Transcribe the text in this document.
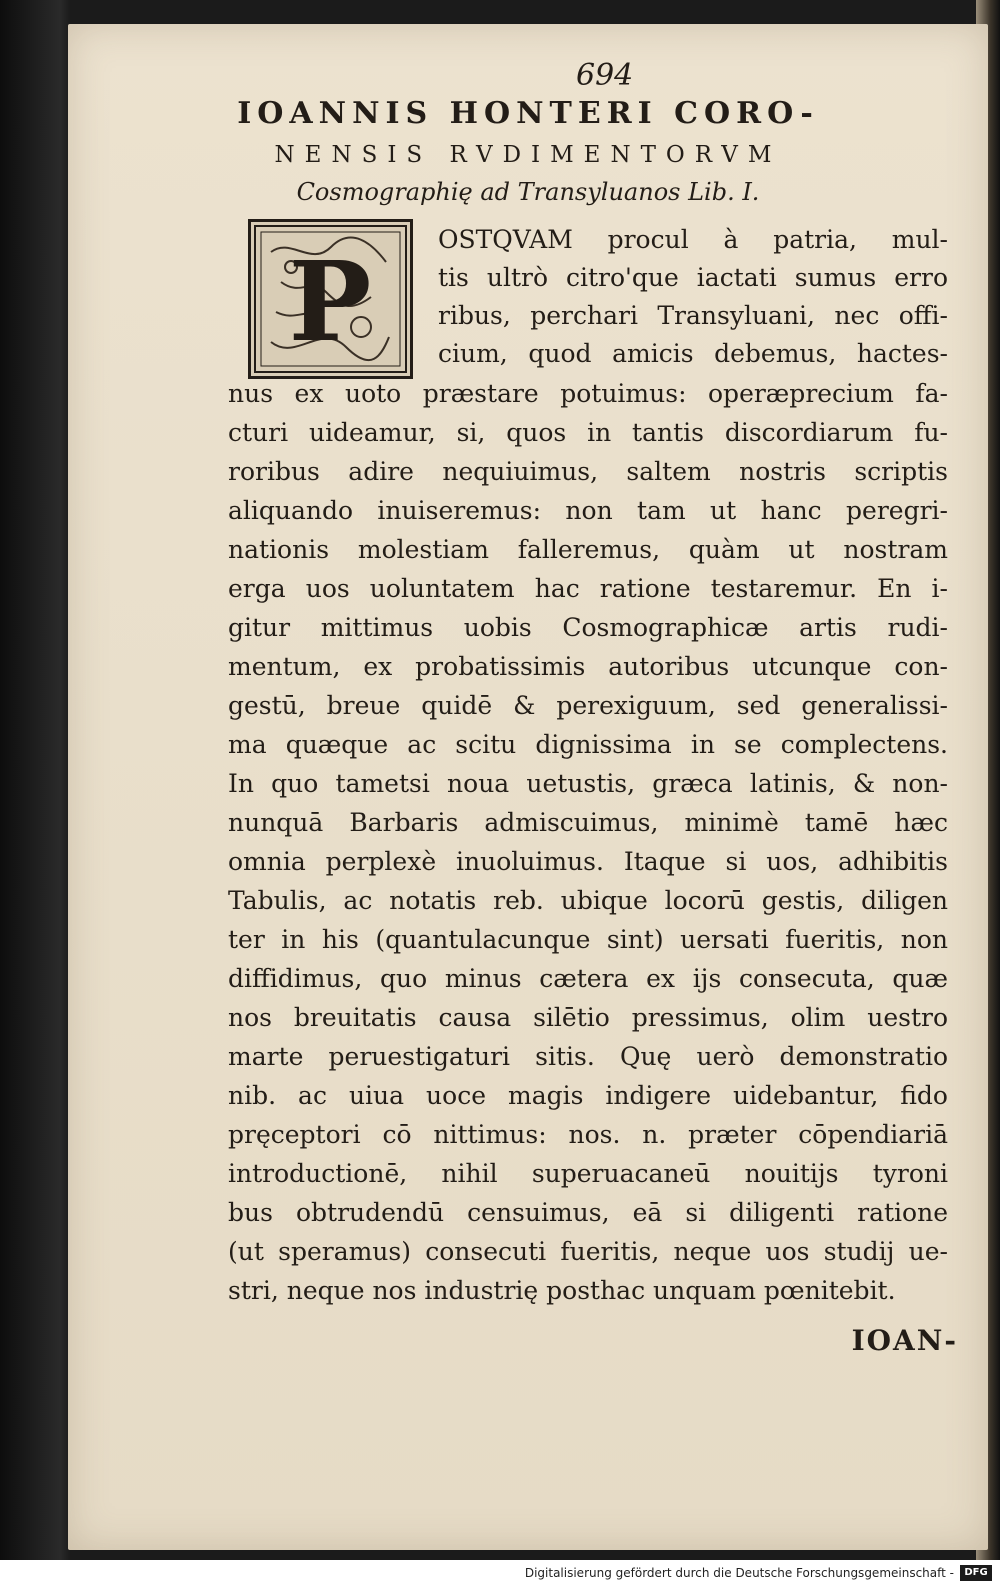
694
IOANNIS HONTERI CORO-
NENSIS RVDIMENTORVM
Cosmographię ad Transyluanos Lib. I.
P	OSTQVAM procul à patria, mul-
tis ultrò citro'que iactati sumus erro
ribus, perchari Transyluani, nec offi-
cium, quod amicis debemus, hactes-
nus ex uoto præstare potuimus: operæprecium fa-
cturi uideamur, si, quos in tantis discordiarum fu-
roribus adire nequiuimus, saltem nostris scriptis
aliquando inuiseremus: non tam ut hanc peregri-
nationis molestiam falleremus, quàm ut nostram
erga uos uoluntatem hac ratione testaremur. En i-
gitur mittimus uobis Cosmographicæ artis rudi-
mentum, ex probatissimis autoribus utcunque con-
gestū, breue quidē & perexiguum, sed generalissi-
ma quæque ac scitu dignissima in se complectens.
In quo tametsi noua uetustis, græca latinis, & non-
nunquā Barbaris admiscuimus, minimè tamē hæc
omnia perplexè inuoluimus. Itaque si uos, adhibitis
Tabulis, ac notatis reb. ubique locorū gestis, diligen
ter in his (quantulacunque sint) uersati fueritis, non
diffidimus, quo minus cætera ex ijs consecuta, quæ
nos breuitatis causa silētio pressimus, olim uestro
marte peruestigaturi sitis. Quę uerò demonstratio
nib. ac uiua uoce magis indigere uidebantur, fido
pręceptori cō nittimus: nos. n. præter cōpendiariā
introductionē, nihil superuacaneū nouitijs tyroni
bus obtrudendū censuimus, eā si diligenti ratione
(ut speramus) consecuti fueritis, neque uos studij ue-
stri, neque nos industrię posthac unquam pœnitebit.
IOAN-
Digitalisierung gefördert durch die Deutsche Forschungsgemeinschaft -	DFG
